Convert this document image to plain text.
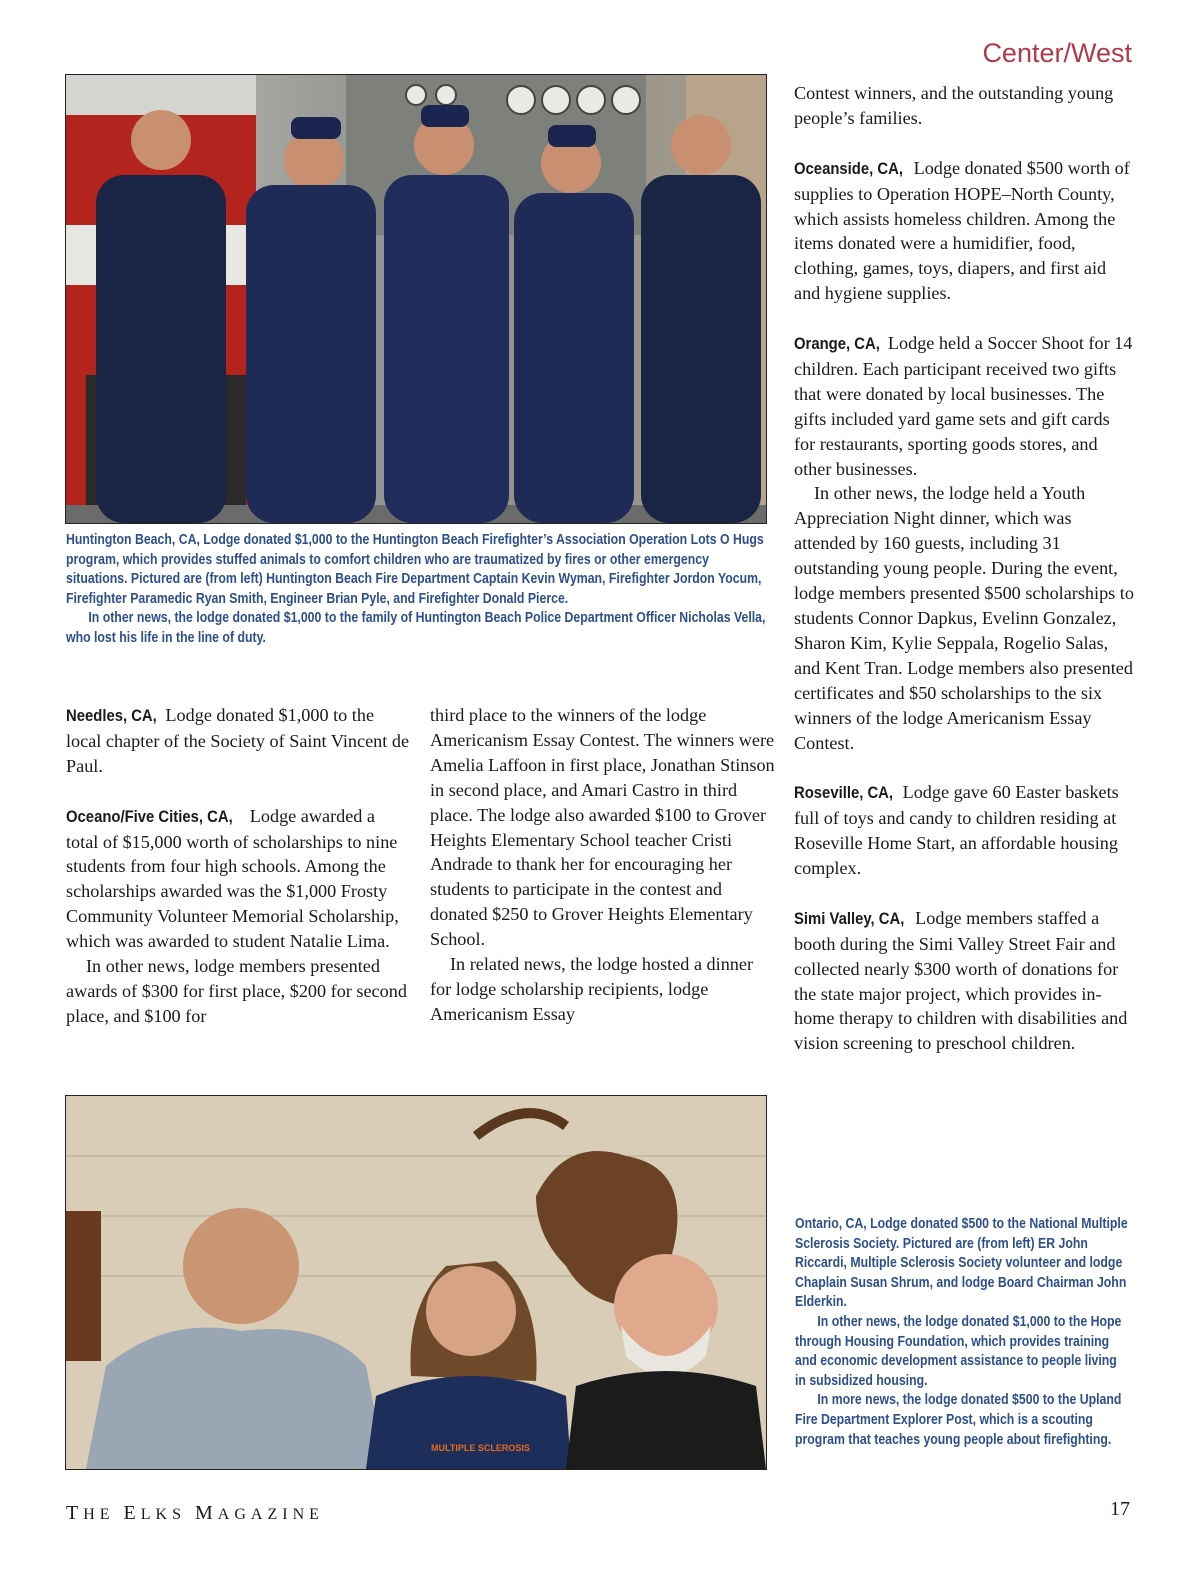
Center/West

Huntington Beach, CA, Lodge donated $1,000 to the Huntington Beach Firefighter’s Association Operation Lots O Hugs program, which provides stuffed animals to comfort children who are traumatized by fires or other emergency situations. Pictured are (from left) Huntington Beach Fire Department Captain Kevin Wyman, Firefighter Jordon Yocum, Firefighter Paramedic Ryan Smith, Engineer Brian Pyle, and Firefighter Donald Pierce.

In other news, the lodge donated $1,000 to the family of Huntington Beach Police Department Officer Nicholas Vella, who lost his life in the line of duty.

Needles, CA, Lodge donated $1,000 to the local chapter of the Society of Saint Vincent de Paul.

Oceano/Five Cities, CA, Lodge awarded a total of $15,000 worth of scholarships to nine students from four high schools. Among the scholarships awarded was the $1,000 Frosty Community Volunteer Memorial Scholarship, which was awarded to student Natalie Lima.

In other news, lodge members presented awards of $300 for first place, $200 for second place, and $100 for

third place to the winners of the lodge Americanism Essay Contest. The winners were Amelia Laffoon in first place, Jonathan Stinson in second place, and Amari Castro in third place. The lodge also awarded $100 to Grover Heights Elementary School teacher Cristi Andrade to thank her for encouraging her students to participate in the contest and donated $250 to Grover Heights Elementary School.

In related news, the lodge hosted a dinner for lodge scholarship recipients, lodge Americanism Essay

Contest winners, and the outstanding young people’s families.

Oceanside, CA, Lodge donated $500 worth of supplies to Operation HOPE–North County, which assists homeless children. Among the items donated were a humidifier, food, clothing, games, toys, diapers, and first aid and hygiene supplies.

Orange, CA, Lodge held a Soccer Shoot for 14 children. Each participant received two gifts that were donated by local businesses. The gifts included yard game sets and gift cards for restaurants, sporting goods stores, and other businesses.

In other news, the lodge held a Youth Appreciation Night dinner, which was attended by 160 guests, including 31 outstanding young people. During the event, lodge members presented $500 scholarships to students Connor Dapkus, Evelinn Gonzalez, Sharon Kim, Kylie Seppala, Rogelio Salas, and Kent Tran. Lodge members also presented certificates and $50 scholarships to the six winners of the lodge Americanism Essay Contest.

Roseville, CA, Lodge gave 60 Easter baskets full of toys and candy to children residing at Roseville Home Start, an affordable housing complex.

Simi Valley, CA, Lodge members staffed a booth during the Simi Valley Street Fair and collected nearly $300 worth of donations for the state major project, which provides in-home therapy to children with disabilities and vision screening to preschool children.

MULTIPLE SCLEROSIS

Ontario, CA, Lodge donated $500 to the National Multiple Sclerosis Society. Pictured are (from left) ER John Riccardi, Multiple Sclerosis Society volunteer and lodge Chaplain Susan Shrum, and lodge Board Chairman John Elderkin.

In other news, the lodge donated $1,000 to the Hope through Housing Foundation, which provides training and economic development assistance to people living in subsidized housing.

In more news, the lodge donated $500 to the Upland Fire Department Explorer Post, which is a scouting program that teaches young people about firefighting.

THE ELKS MAGAZINE	17
